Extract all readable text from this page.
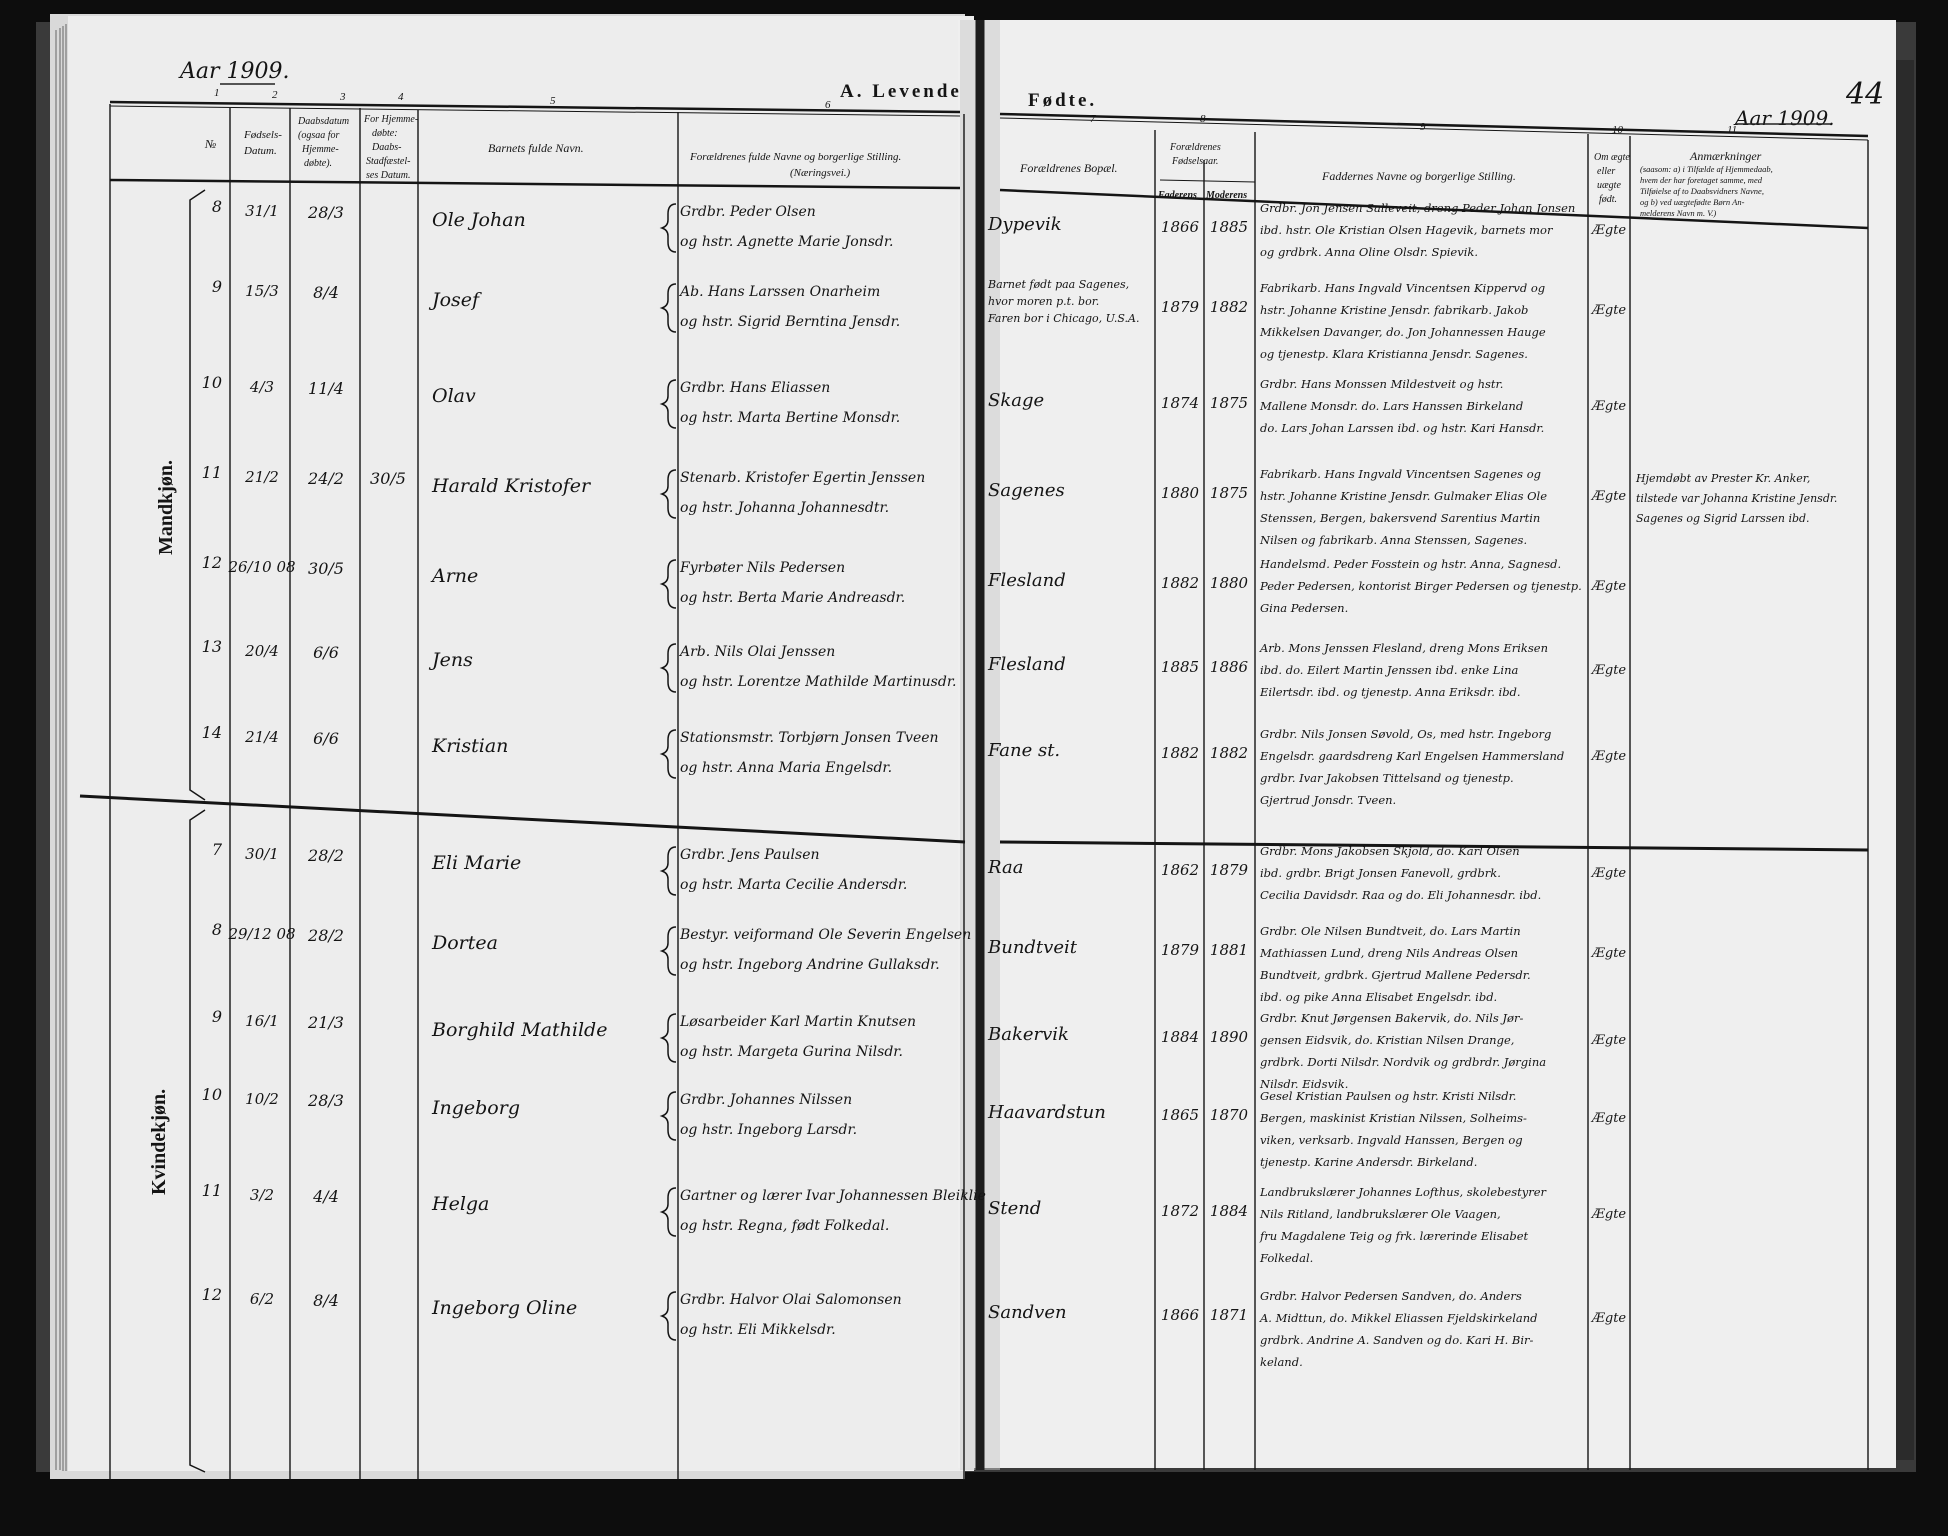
Aar 1909.
A. Levende	Fødte.
Aar 1909.
44
1	2	3	4	5	6
7	8
9	10	11
№
Fødsels-
Datum.
Daabsdatum
(ogsaa for
Hjemme-
døbte).
For Hjemme-
døbte:
Daabs-
Stadfæstel-
ses Datum.
Barnets fulde Navn.
Forældrenes fulde Navne og borgerlige Stilling.
(Næringsvei.)	Forældrenes Bopæl.
Forældrenes
Fødselsaar.
Faderens Moderens
Faddernes Navne og borgerlige Stilling.
Om ægte
eller
uægte
født.
Anmærkninger
(saasom: a) i Tilfælde af Hjemmedaab,
hvem der har foretaget samme, med
Tilføielse af to Daabsvidners Navne,
og b) ved uægtefødte Børn An-
melderens Navn m. V.)
Mandkjøn.
Kvindekjøn.
8 31/1 28/3	Ole Johan	Grdbr. Peder Olsen
og hstr. Agnette Marie Jonsdr.
Dypevik	1866 1885
Grdbr. Jon Jensen Salleveit, dreng Peder Johan Jonsen
ibd. hstr. Ole Kristian Olsen Hagevik, barnets mor
og grdbrk. Anna Oline Olsdr. Spievik.
Ægte
9 15/3 8/4	Josef	Ab. Hans Larssen Onarheim
og hstr. Sigrid Berntina Jensdr.
Barnet født paa Sagenes,
hvor moren p.t. bor.
Faren bor i Chicago, U.S.A.
1879 1882
Fabrikarb. Hans Ingvald Vincentsen Kippervd og
hstr. Johanne Kristine Jensdr. fabrikarb. Jakob
Mikkelsen Davanger, do. Jon Johannessen Hauge
og tjenestp. Klara Kristianna Jensdr. Sagenes.
Ægte
10 4/3 11/4	Olav	Grdbr. Hans Eliassen
og hstr. Marta Bertine Monsdr.
Skage	1874 1875
Grdbr. Hans Monssen Mildestveit og hstr.
Mallene Monsdr. do. Lars Hanssen Birkeland
do. Lars Johan Larssen ibd. og hstr. Kari Hansdr.
Ægte
11 21/2 24/2 30/5 Harald Kristofer	Stenarb. Kristofer Egertin Jenssen
og hstr. Johanna Johannesdtr.
Sagenes	1880 1875
Fabrikarb. Hans Ingvald Vincentsen Sagenes og
hstr. Johanne Kristine Jensdr. Gulmaker Elias Ole
Stenssen, Bergen, bakersvend Sarentius Martin
Nilsen og fabrikarb. Anna Stenssen, Sagenes.
Ægte
Hjemdøbt av Prester Kr. Anker,
tilstede var Johanna Kristine Jensdr.
Sagenes og Sigrid Larssen ibd.
12 26/10 08 30/5	Arne	Fyrbøter Nils Pedersen
og hstr. Berta Marie Andreasdr.
Flesland	1882 1880
Handelsmd. Peder Fosstein og hstr. Anna, Sagnesd.
Peder Pedersen, kontorist Birger Pedersen og tjenestp.
Gina Pedersen.
Ægte
13 20/4 6/6	Jens	Arb. Nils Olai Jenssen
og hstr. Lorentze Mathilde Martinusdr.
Flesland	1885 1886
Arb. Mons Jenssen Flesland, dreng Mons Eriksen
ibd. do. Eilert Martin Jenssen ibd. enke Lina
Eilertsdr. ibd. og tjenestp. Anna Eriksdr. ibd.
Ægte
14 21/4 6/6	Kristian	Stationsmstr. Torbjørn Jonsen Tveen
og hstr. Anna Maria Engelsdr.
Fane st.	1882 1882
Grdbr. Nils Jonsen Søvold, Os, med hstr. Ingeborg
Engelsdr. gaardsdreng Karl Engelsen Hammersland
grdbr. Ivar Jakobsen Tittelsand og tjenestp.
Gjertrud Jonsdr. Tveen.
Ægte
7 30/1 28/2	Eli Marie	Grdbr. Jens Paulsen
og hstr. Marta Cecilie Andersdr.
Raa	1862 1879
Grdbr. Mons Jakobsen Skjold, do. Karl Olsen
ibd. grdbr. Brigt Jonsen Fanevoll, grdbrk.
Cecilia Davidsdr. Raa og do. Eli Johannesdr. ibd.
Ægte
8 29/12 08 28/2	Dortea	Bestyr. veiformand Ole Severin Engelsen
og hstr. Ingeborg Andrine Gullaksdr.
Bundtveit	1879 1881
Grdbr. Ole Nilsen Bundtveit, do. Lars Martin
Mathiassen Lund, dreng Nils Andreas Olsen
Bundtveit, grdbrk. Gjertrud Mallene Pedersdr.
ibd. og pike Anna Elisabet Engelsdr. ibd.
Ægte
9 16/1 21/3	Borghild Mathilde	Løsarbeider Karl Martin Knutsen
og hstr. Margeta Gurina Nilsdr.
Bakervik	1884 1890
Grdbr. Knut Jørgensen Bakervik, do. Nils Jør-
gensen Eidsvik, do. Kristian Nilsen Drange,
grdbrk. Dorti Nilsdr. Nordvik og grdbrdr. Jørgina
Nilsdr. Eidsvik.
Ægte
10 10/2 28/3	Ingeborg	Grdbr. Johannes Nilssen
og hstr. Ingeborg Larsdr.
Haavardstun	1865 1870
Gesel Kristian Paulsen og hstr. Kristi Nilsdr.
Bergen, maskinist Kristian Nilssen, Solheims-
viken, verksarb. Ingvald Hanssen, Bergen og
tjenestp. Karine Andersdr. Birkeland.
Ægte
11 3/2 4/4	Helga	Gartner og lærer Ivar Johannessen Bleiklie
og hstr. Regna, født Folkedal.
Stend	1872 1884
Landbrukslærer Johannes Lofthus, skolebestyrer
Nils Ritland, landbrukslærer Ole Vaagen,
fru Magdalene Teig og frk. lærerinde Elisabet
Folkedal.
Ægte
12 6/2 8/4	Ingeborg Oline	Grdbr. Halvor Olai Salomonsen
og hstr. Eli Mikkelsdr.
Sandven	1866 1871
Grdbr. Halvor Pedersen Sandven, do. Anders
A. Midttun, do. Mikkel Eliassen Fjeldskirkeland
grdbrk. Andrine A. Sandven og do. Kari H. Bir-
keland.
Ægte
